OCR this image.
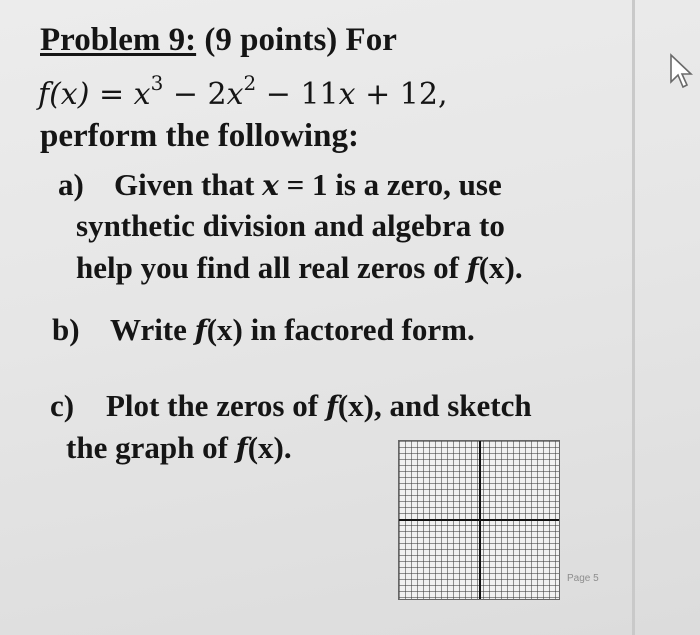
Problem 9: (9 points) For
$f(x) = x^3 - 2x^2 - 11x + 12$,
perform the following:
a) Given that x = 1 is a zero, use
synthetic division and algebra to
help you find all real zeros of f(x).
b) Write f(x) in factored form.
c) Plot the zeros of f(x), and sketch
the graph of f(x).
Page 5
